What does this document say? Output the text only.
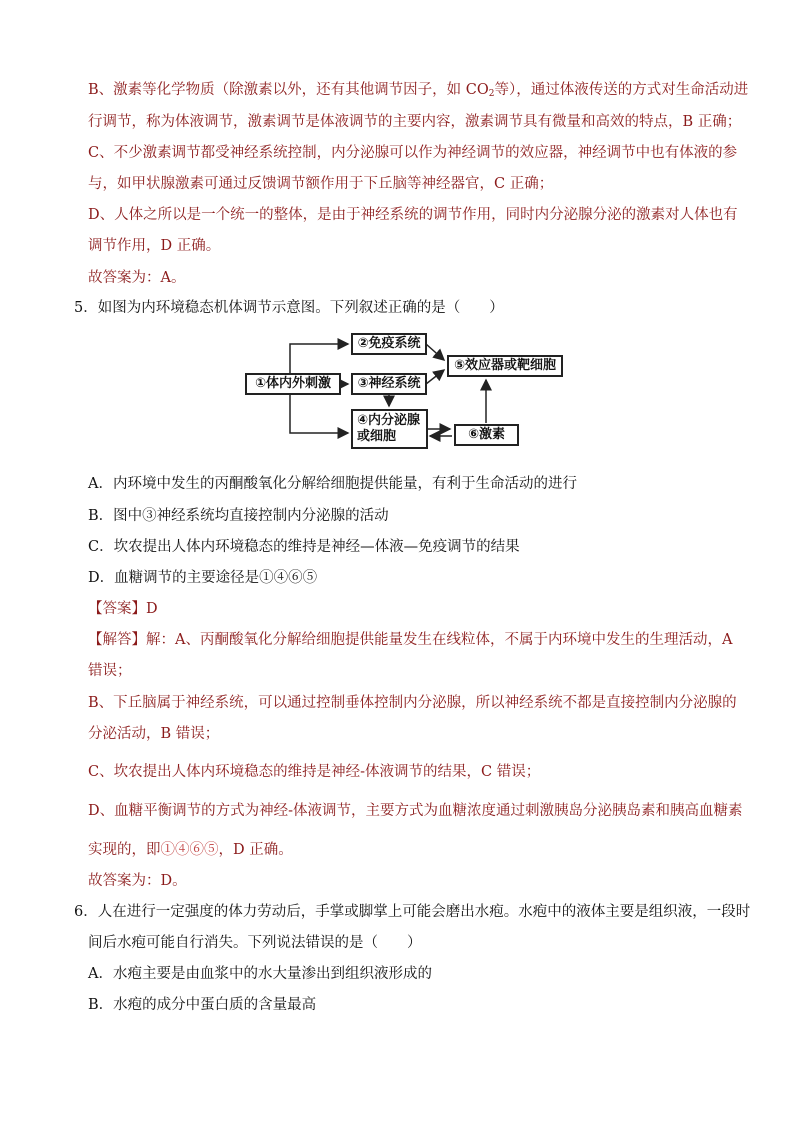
B、激素等化学物质（除激素以外，还有其他调节因子，如 $CO_2$等），通过体液传送的方式对生命活动进
行调节，称为体液调节，激素调节是体液调节的主要内容，激素调节具有微量和高效的特点，B 正确；
C、不少激素调节都受神经系统控制，内分泌腺可以作为神经调节的效应器，神经调节中也有体液的参
与，如甲状腺激素可通过反馈调节额作用于下丘脑等神经器官，C 正确；
D、人体之所以是一个统一的整体，是由于神经系统的调节作用，同时内分泌腺分泌的激素对人体也有
调节作用，D 正确。
故答案为：A。
5．如图为内环境稳态机体调节示意图。下列叙述正确的是（　　）
①体内外刺激
②免疫系统
③神经系统
④内分泌腺
或细胞
⑤效应器或靶细胞
⑥激素
A．内环境中发生的丙酮酸氧化分解给细胞提供能量，有利于生命活动的进行
B．图中③神经系统均直接控制内分泌腺的活动
C．坎农提出人体内环境稳态的维持是神经—体液—免疫调节的结果
D．血糖调节的主要途径是①④⑥⑤
【答案】D
【解答】解：A、丙酮酸氧化分解给细胞提供能量发生在线粒体，不属于内环境中发生的生理活动，A
错误；
B、下丘脑属于神经系统，可以通过控制垂体控制内分泌腺，所以神经系统不都是直接控制内分泌腺的
分泌活动，B 错误；
C、坎农提出人体内环境稳态的维持是神经-体液调节的结果，C 错误；
D、血糖平衡调节的方式为神经-体液调节，主要方式为血糖浓度通过刺激胰岛分泌胰岛素和胰高血糖素
实现的，即①④⑥⑤，D 正确。
故答案为：D。
6．人在进行一定强度的体力劳动后，手掌或脚掌上可能会磨出水疱。水疱中的液体主要是组织液，一段时
间后水疱可能自行消失。下列说法错误的是（　　）
A．水疱主要是由血浆中的水大量渗出到组织液形成的
B．水疱的成分中蛋白质的含量最高
